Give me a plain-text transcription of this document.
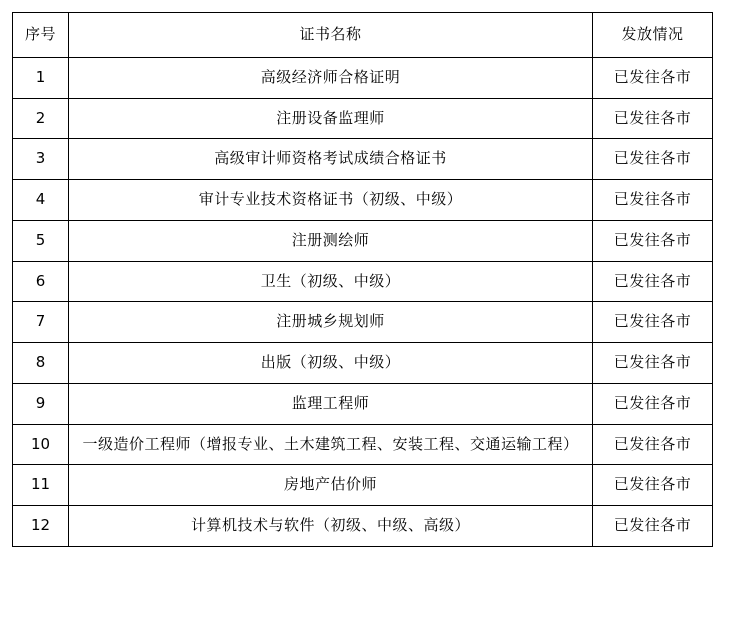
序号	证书名称	发放情况
1	高级经济师合格证明	已发往各市
2	注册设备监理师	已发往各市
3	高级审计师资格考试成绩合格证书	已发往各市
4	审计专业技术资格证书（初级、中级）	已发往各市
5	注册测绘师	已发往各市
6	卫生（初级、中级）	已发往各市
7	注册城乡规划师	已发往各市
8	出版（初级、中级）	已发往各市
9	监理工程师	已发往各市
10	一级造价工程师（增报专业、土木建筑工程、安装工程、交通运输工程）	已发往各市
11	房地产估价师	已发往各市
12	计算机技术与软件（初级、中级、高级）	已发往各市
